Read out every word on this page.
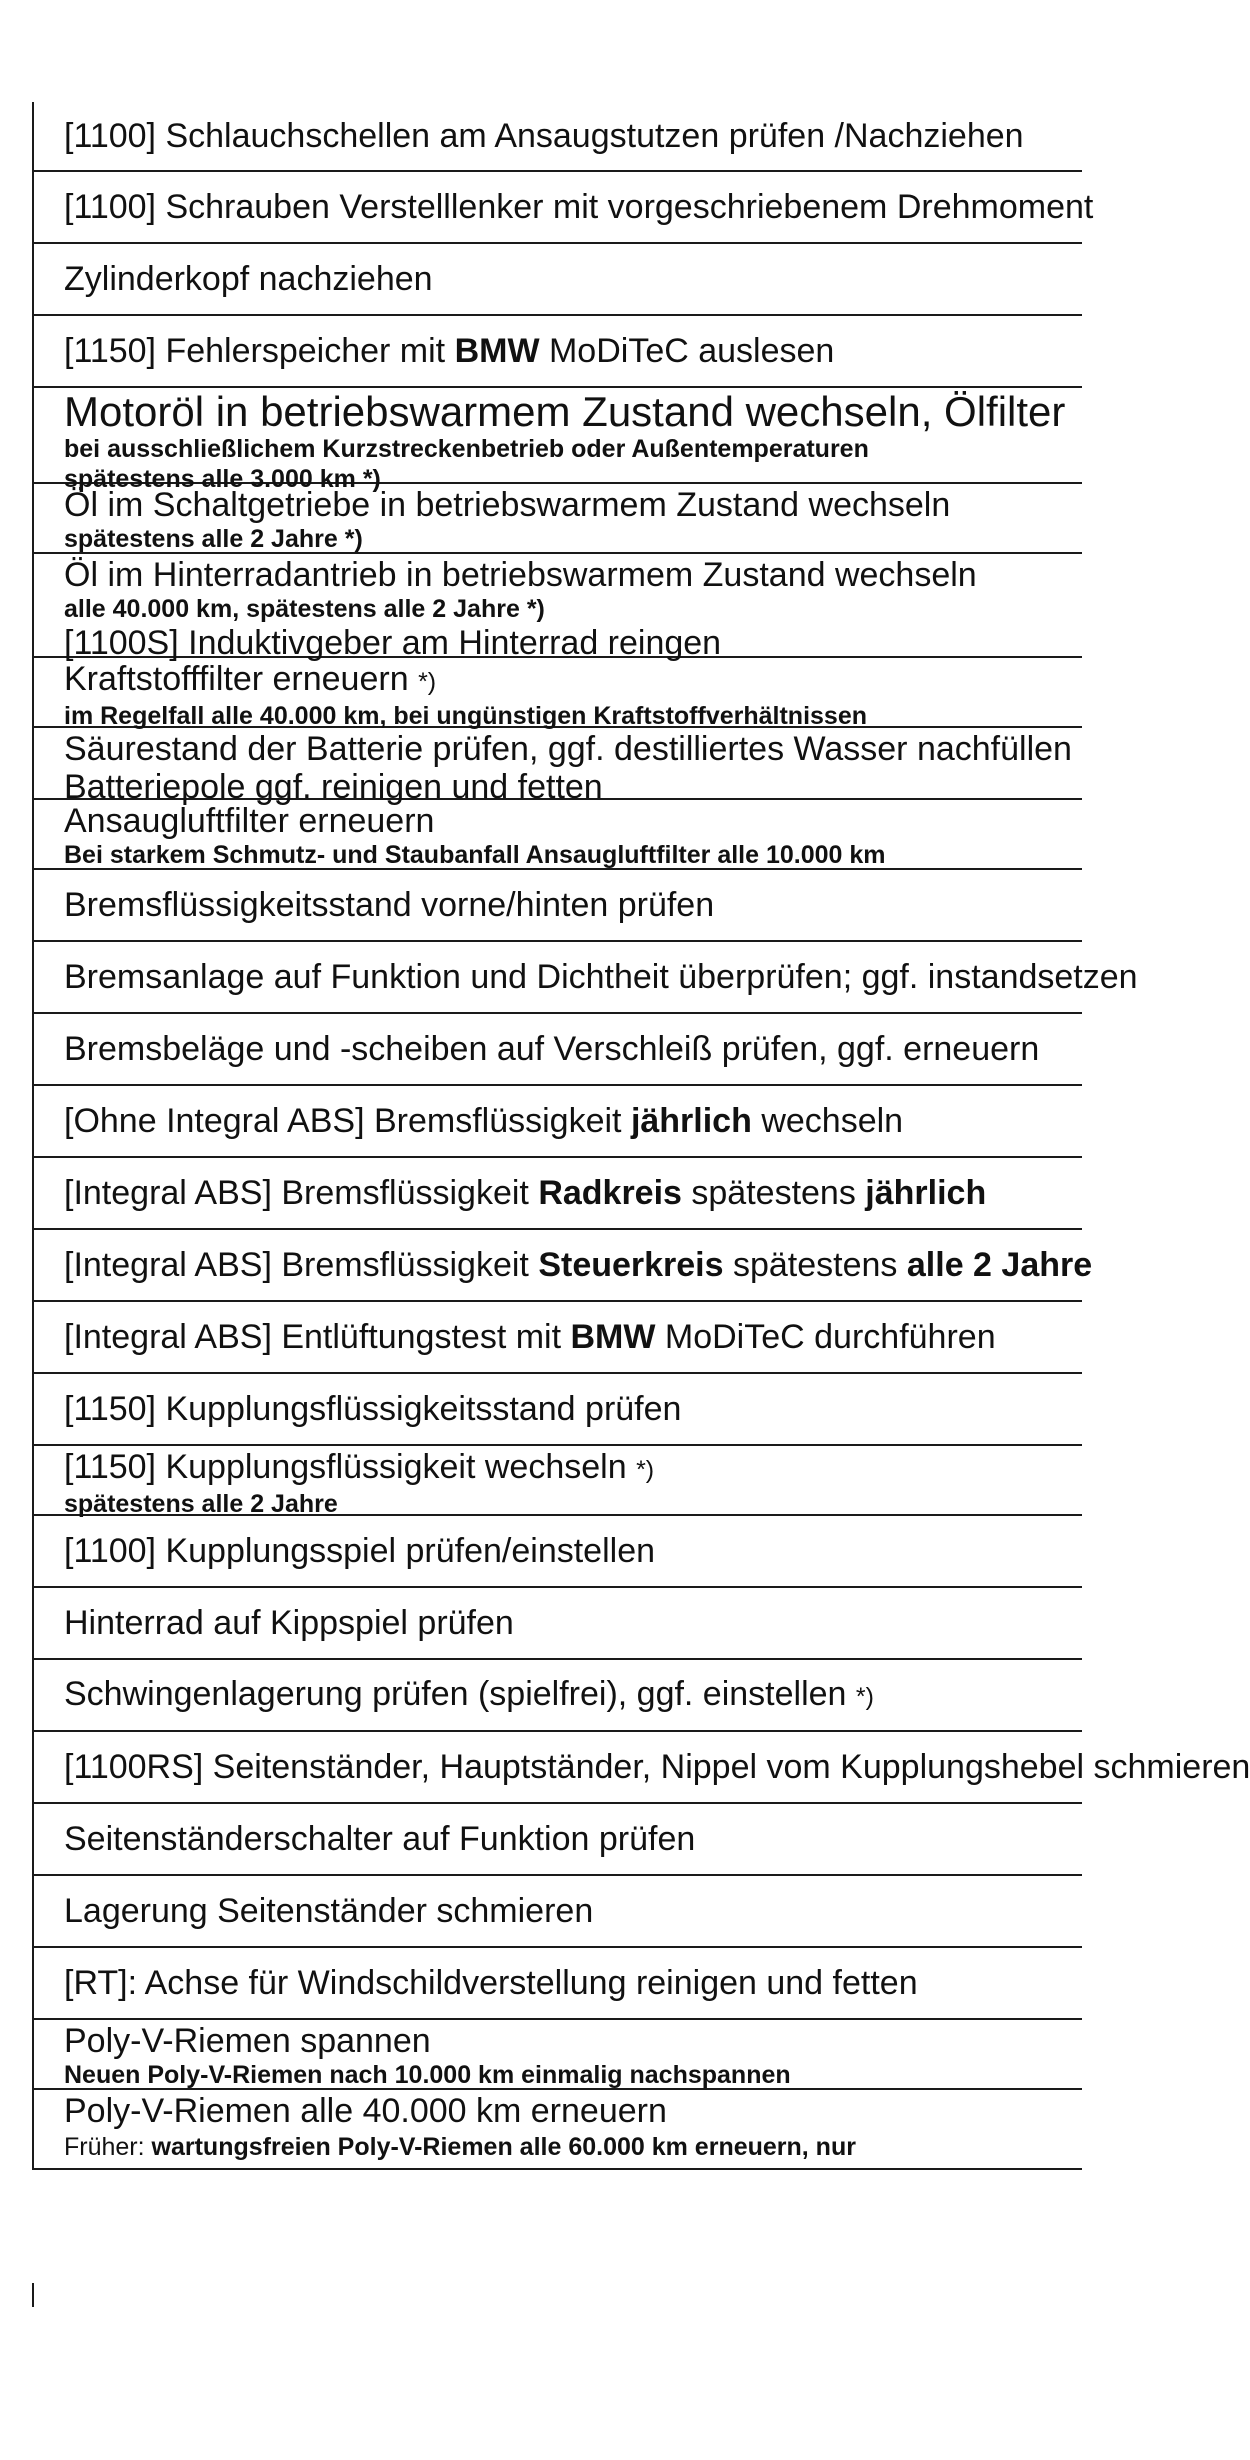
[1100] Schlauchschellen am Ansaugstutzen prüfen /Nachziehen
[1100] Schrauben Verstelllenker mit vorgeschriebenem Drehmoment
Zylinderkopf nachziehen
[1150] Fehlerspeicher mit BMW MoDiTeC auslesen
Motoröl in betriebswarmem Zustand wechseln, Ölfilter
bei ausschließlichem Kurzstreckenbetrieb oder Außentemperaturen
spätestens alle 3.000 km *)
Öl im Schaltgetriebe in betriebswarmem Zustand wechseln
spätestens alle 2 Jahre *)
Öl im Hinterradantrieb in betriebswarmem Zustand wechseln
alle 40.000 km, spätestens alle 2 Jahre *)
[1100S] Induktivgeber am Hinterrad reingen
Kraftstofffilter erneuern *)
im Regelfall alle 40.000 km, bei ungünstigen Kraftstoffverhältnissen
Säurestand der Batterie prüfen, ggf. destilliertes Wasser nachfüllen
Batteriepole ggf. reinigen und fetten
Ansaugluftfilter erneuern
Bei starkem Schmutz- und Staubanfall Ansaugluftfilter alle 10.000 km
Bremsflüssigkeitsstand vorne/hinten prüfen
Bremsanlage auf Funktion und Dichtheit überprüfen; ggf. instandsetzen
Bremsbeläge und -scheiben auf Verschleiß prüfen, ggf. erneuern
[Ohne Integral ABS] Bremsflüssigkeit jährlich wechseln
[Integral ABS] Bremsflüssigkeit Radkreis spätestens jährlich
[Integral ABS] Bremsflüssigkeit Steuerkreis spätestens alle 2 Jahre
[Integral ABS] Entlüftungstest mit BMW MoDiTeC durchführen
[1150] Kupplungsflüssigkeitsstand prüfen
[1150] Kupplungsflüssigkeit wechseln *)
spätestens alle 2 Jahre
[1100] Kupplungsspiel prüfen/einstellen
Hinterrad auf Kippspiel prüfen
Schwingenlagerung prüfen (spielfrei), ggf. einstellen *)
[1100RS] Seitenständer, Hauptständer, Nippel vom Kupplungshebel schmieren
Seitenständerschalter auf Funktion prüfen
Lagerung Seitenständer schmieren
[RT]: Achse für Windschildverstellung reinigen und fetten
Poly-V-Riemen spannen
Neuen Poly-V-Riemen nach 10.000 km einmalig nachspannen
Poly-V-Riemen alle 40.000 km erneuern
Früher: wartungsfreien Poly-V-Riemen alle 60.000 km erneuern, nur
